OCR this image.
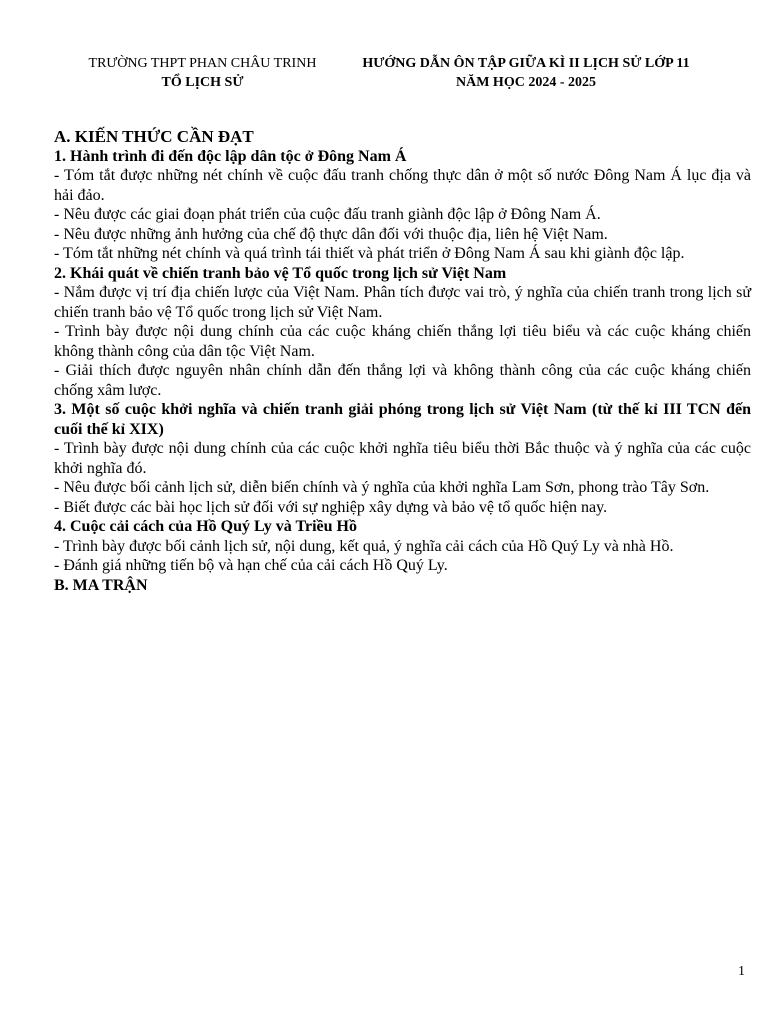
TRƯỜNG THPT PHAN CHÂU TRINH
TỔ LỊCH SỬ
HƯỚNG DẪN ÔN TẬP GIỮA KÌ II LỊCH SỬ LỚP 11
NĂM HỌC 2024 - 2025

A. KIẾN THỨC CẦN ĐẠT

1. Hành trình đi đến độc lập dân tộc ở Đông Nam Á

- Tóm tắt được những nét chính về cuộc đấu tranh chống thực dân ở một số nước Đông Nam Á lục địa và hải đảo.

- Nêu được các giai đoạn phát triển của cuộc đấu tranh giành độc lập ở Đông Nam Á.

- Nêu được những ảnh hưởng của chế độ thực dân đối với thuộc địa, liên hệ Việt Nam.

- Tóm tắt những nét chính và quá trình tái thiết và phát triển ở Đông Nam Á sau khi giành độc lập.

2. Khái quát về chiến tranh bảo vệ Tổ quốc trong lịch sử Việt Nam

- Nắm được vị trí địa chiến lược của Việt Nam. Phân tích được vai trò, ý nghĩa của chiến tranh trong lịch sử chiến tranh bảo vệ Tổ quốc trong lịch sử Việt Nam.

- Trình bày được nội dung chính của các cuộc kháng chiến thắng lợi tiêu biểu và các cuộc kháng chiến không thành công của dân tộc Việt Nam.

- Giải thích được nguyên nhân chính dẫn đến thắng lợi và không thành công của các cuộc kháng chiến chống xâm lược.

3. Một số cuộc khởi nghĩa và chiến tranh giải phóng trong lịch sử Việt Nam (từ thế kỉ III TCN đến cuối thế kỉ XIX)

- Trình bày được nội dung chính của các cuộc khởi nghĩa tiêu biểu thời Bắc thuộc và ý nghĩa của các cuộc khởi nghĩa đó.

- Nêu được bối cảnh lịch sử, diễn biến chính và ý nghĩa của khởi nghĩa Lam Sơn, phong trào Tây Sơn.

- Biết được các bài học lịch sử đối với sự nghiệp xây dựng và bảo vệ tổ quốc hiện nay.

4. Cuộc cải cách của Hồ Quý Ly và Triều Hồ

- Trình bày được bối cảnh lịch sử, nội dung, kết quả, ý nghĩa cải cách của Hồ Quý Ly và nhà Hồ.

- Đánh giá những tiến bộ và hạn chế của cải cách Hồ Quý Ly.

B. MA TRẬN

1
